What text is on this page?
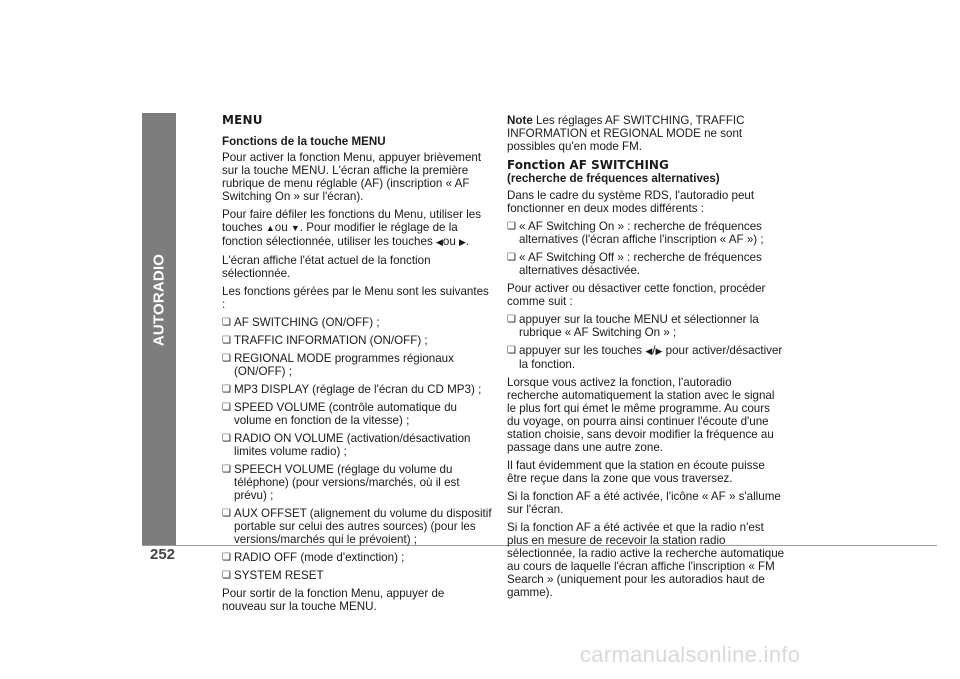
AUTORADIO
252
MENU
Fonctions de la touche MENU

Pour activer la fonction Menu, appuyer brièvement sur la touche MENU. L'écran affiche la première rubrique de menu réglable (AF) (inscription « AF Switching On » sur l'écran).

Pour faire défiler les fonctions du Menu, utiliser les touches ▲ou ▼. Pour modifier le réglage de la fonction sélectionnée, utiliser les touches ◀ou ▶.

L'écran affiche l'état actuel de la fonction sélectionnée.

Les fonctions gérées par le Menu sont les suivantes :

❏ AF SWITCHING (ON/OFF) ;
❏ TRAFFIC INFORMATION (ON/OFF) ;
❏ REGIONAL MODE programmes régionaux (ON/OFF) ;
❏ MP3 DISPLAY (réglage de l'écran du CD MP3) ;
❏ SPEED VOLUME (contrôle automatique du volume en fonction de la vitesse) ;
❏ RADIO ON VOLUME (activation/désactivation limites volume radio) ;
❏ SPEECH VOLUME (réglage du volume du téléphone) (pour versions/marchés, où il est prévu) ;
❏ AUX OFFSET (alignement du volume du dispositif portable sur celui des autres sources) (pour les versions/marchés qui le prévoient) ;
❏ RADIO OFF (mode d'extinction) ;
❏ SYSTEM RESET

Pour sortir de la fonction Menu, appuyer de nouveau sur la touche MENU.

Note Les réglages AF SWITCHING, TRAFFIC INFORMATION et REGIONAL MODE ne sont possibles qu'en mode FM.

Fonction AF SWITCHING
(recherche de fréquences alternatives)

Dans le cadre du système RDS, l'autoradio peut fonctionner en deux modes différents :

❏ « AF Switching On » : recherche de fréquences alternatives (l'écran affiche l'inscription « AF ») ;
❏ « AF Switching Off » : recherche de fréquences alternatives désactivée.

Pour activer ou désactiver cette fonction, procéder comme suit :

❏ appuyer sur la touche MENU et sélectionner la rubrique « AF Switching On » ;
❏ appuyer sur les touches ◀/▶ pour activer/désactiver la fonction.

Lorsque vous activez la fonction, l'autoradio recherche automatiquement la station avec le signal le plus fort qui émet le même programme. Au cours du voyage, on pourra ainsi continuer l'écoute d'une station choisie, sans devoir modifier la fréquence au passage dans une autre zone.

Il faut évidemment que la station en écoute puisse être reçue dans la zone que vous traversez.

Si la fonction AF a été activée, l'icône « AF » s'allume sur l'écran.

Si la fonction AF a été activée et que la radio n'est plus en mesure de recevoir la station radio sélectionnée, la radio active la recherche automatique au cours de laquelle l'écran affiche l'inscription « FM Search » (uniquement pour les autoradios haut de gamme).

carmanualsonline.info
